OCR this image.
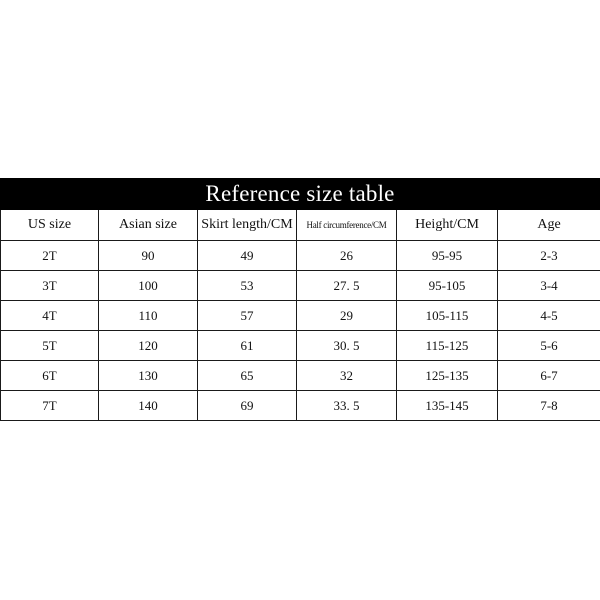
Reference size table
US size	Asian size	Skirt length/CM	Half circumference/CM	Height/CM	Age
2T	90	49	26	95-95	2-3
3T	100	53	27. 5	95-105	3-4
4T	110	57	29	105-115	4-5
5T	120	61	30. 5	115-125	5-6
6T	130	65	32	125-135	6-7
7T	140	69	33. 5	135-145	7-8
